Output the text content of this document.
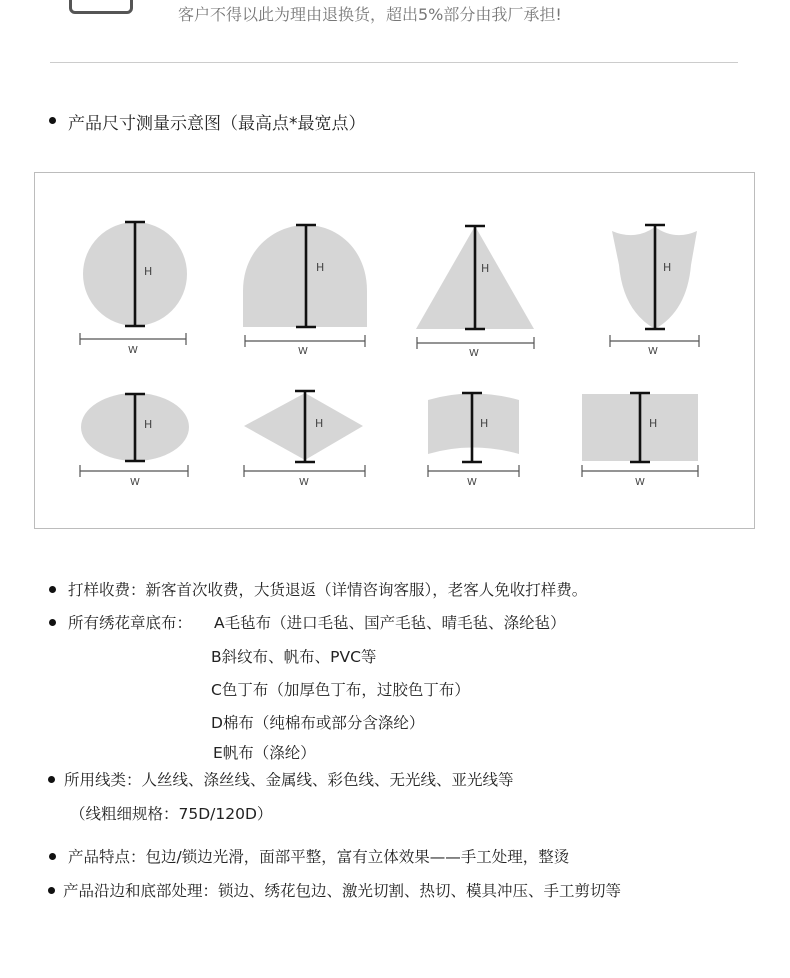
客户不得以此为理由退换货，超出5%部分由我厂承担!
产品尺寸测量示意图（最高点*最宽点）
H
W
H
W
H
W
H
W
H
W
H
W
H
W
H
W
打样收费：新客首次收费，大货退返（详情咨询客服），老客人免收打样费。
所有绣花章底布： A毛毡布（进口毛毡、国产毛毡、晴毛毡、涤纶毡）
B斜纹布、帆布、PVC等
C色丁布（加厚色丁布，过胶色丁布）
D棉布（纯棉布或部分含涤纶）
E帆布（涤纶）
所用线类：人丝线、涤丝线、金属线、彩色线、无光线、亚光线等
（线粗细规格：75D/120D）
产品特点：包边/锁边光滑，面部平整，富有立体效果——手工处理，整烫
产品沿边和底部处理：锁边、绣花包边、激光切割、热切、模具冲压、手工剪切等
